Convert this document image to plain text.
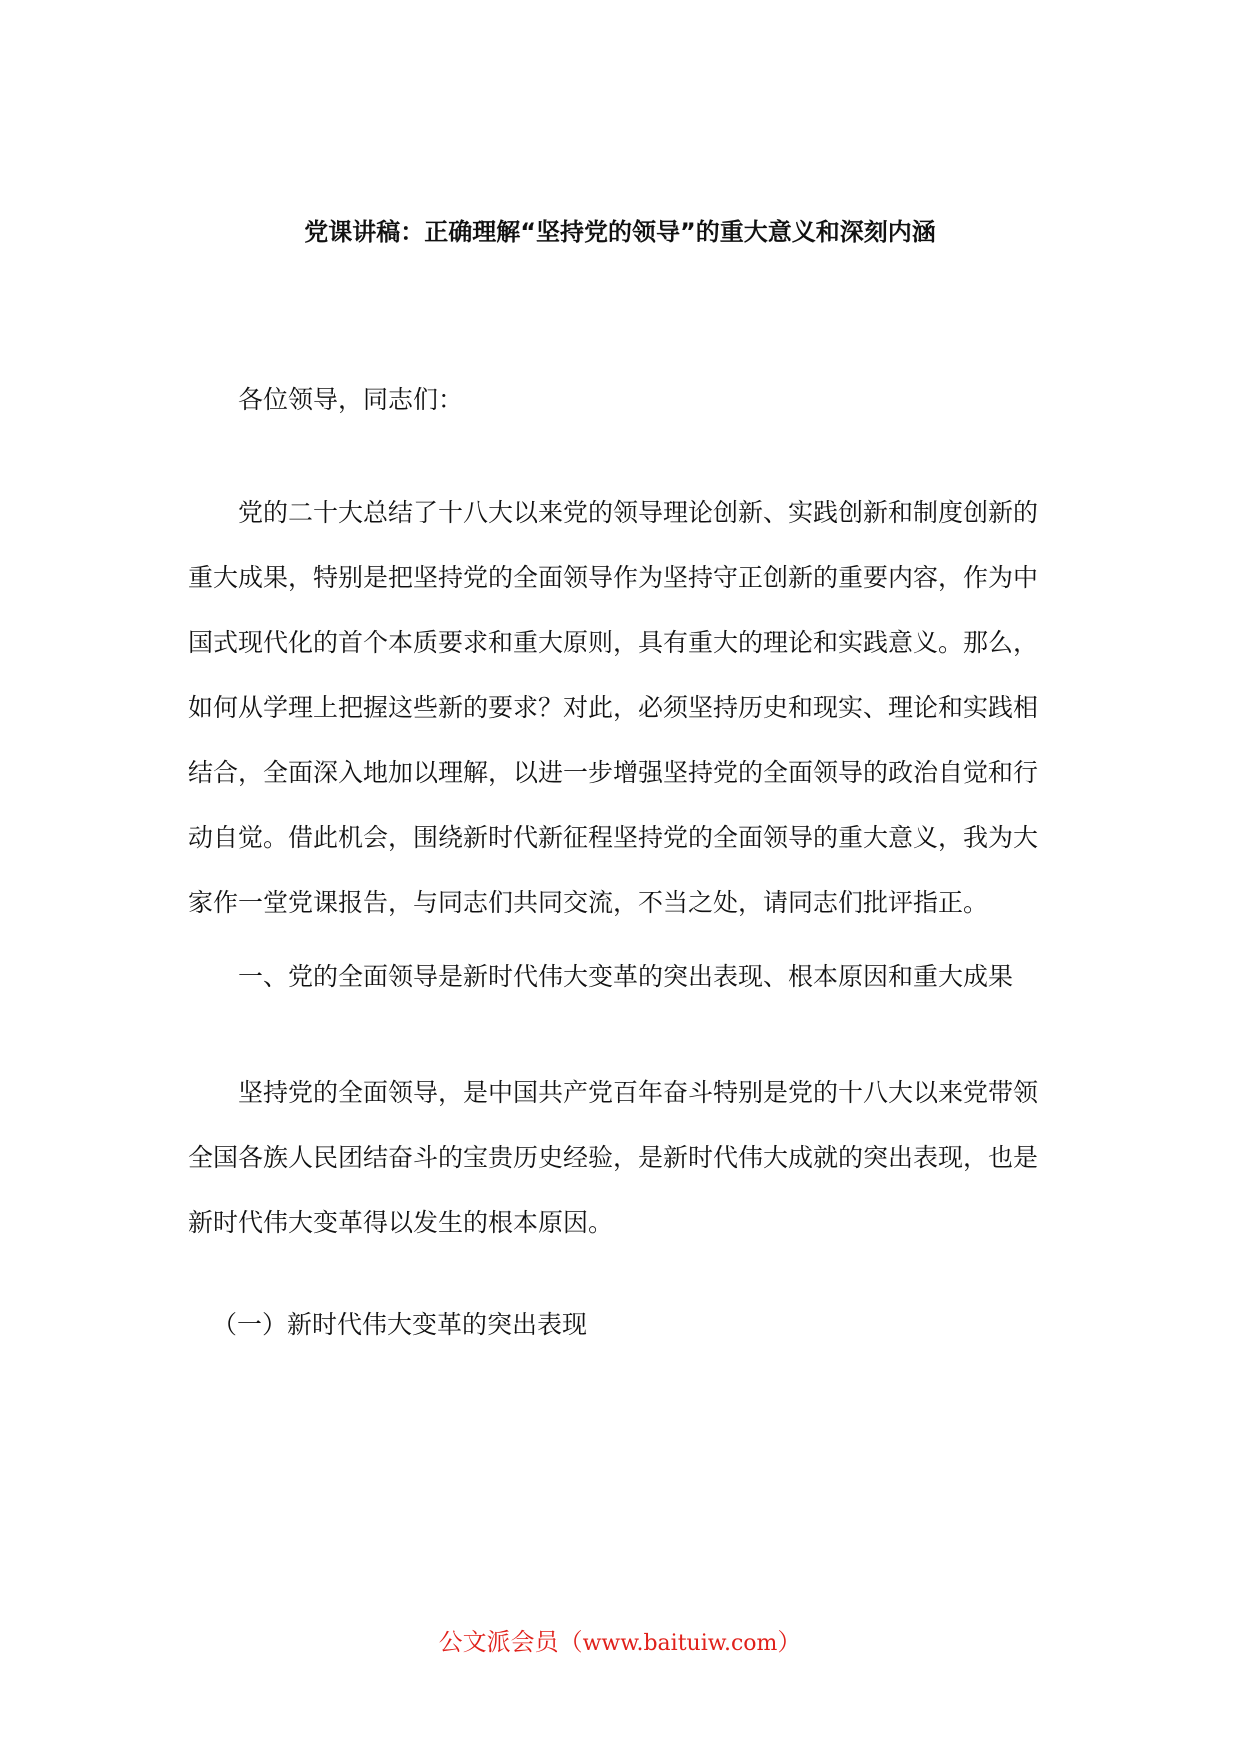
党课讲稿：正确理解“坚持党的领导”的重大意义和深刻内涵

各位领导，同志们：

党的二十大总结了十八大以来党的领导理论创新、实践创新和制度创新的重大成果，特别是把坚持党的全面领导作为坚持守正创新的重要内容，作为中国式现代化的首个本质要求和重大原则，具有重大的理论和实践意义。那么，如何从学理上把握这些新的要求？对此，必须坚持历史和现实、理论和实践相结合，全面深入地加以理解，以进一步增强坚持党的全面领导的政治自觉和行动自觉。借此机会，围绕新时代新征程坚持党的全面领导的重大意义，我为大家作一堂党课报告，与同志们共同交流，不当之处，请同志们批评指正。

一、党的全面领导是新时代伟大变革的突出表现、根本原因和重大成果

坚持党的全面领导，是中国共产党百年奋斗特别是党的十八大以来党带领全国各族人民团结奋斗的宝贵历史经验，是新时代伟大成就的突出表现，也是新时代伟大变革得以发生的根本原因。

（一）新时代伟大变革的突出表现

公文派会员（www.baituiw.com）
